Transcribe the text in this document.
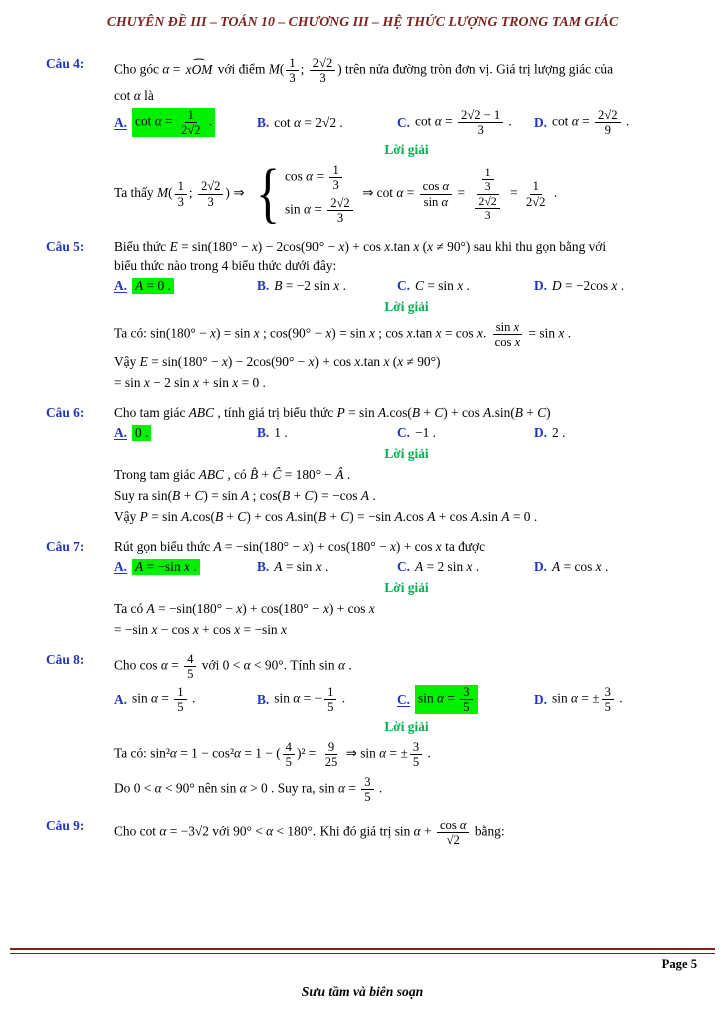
CHUYÊN ĐỀ III – TOÁN 10 – CHƯƠNG III – HỆ THỨC LƯỢNG TRONG TAM GIÁC
Câu 4:	Cho góc α = ⌢ xOM với điểm $M( \frac{1}{3}$ ; $\frac{2√2}{3}$ ) trên nửa đường tròn đơn vị. Giá trị lượng giác của
cot α là
A. $\cot \alpha = \frac{1}{2√2}$ .	B. cot α = 2√2 .	C. $\cot \alpha = \frac{2√2 - 1}{3}$ . D. $\cot \alpha = \frac{2√2}{9}$ .
Lời giải
Ta thấy $M( \frac{1}{3}$ ; $\frac{2√2}{3}$ ) ⇒ { $\cos \alpha = \frac{1}{3}$
$\sin \alpha = \frac{2√2}{3}$
⇒ $\cot \alpha = \frac{\text{cos α}}{\text{sin α}} = \frac{\frac{1}{3}}{\frac{2√2}{3}} = \frac{1}{2√2}$ .
Câu 5:	Biểu thức E = sin(180° − x) − 2cos(90° − x) + cos x.tan x (x ≠ 90°) sau khi thu gọn bằng với
biểu thức nào trong 4 biểu thức dưới đây:
A. A = 0 .	B. B = −2 sin x .	C. C = sin x .	D. D = −2cos x .
Lời giải
Ta có: sin(180° − x) = sin x ; cos(90° − x) = sin x ; cos x.tan x = cos x. $\frac{\text{sin x}}{\text{cos x}} = \sin x$ .
Vậy E = sin(180° − x) − 2cos(90° − x) + cos x.tan x (x ≠ 90°)
= sin x − 2 sin x + sin x = 0 .
Câu 6:	Cho tam giác ABC , tính giá trị biểu thức P = sin A.cos(B + C) + cos A.sin(B + C)
A. 0 .	B. 1 .	C. −1 .	D. 2 .
Lời giải
Trong tam giác ABC , có B̂ + Ĉ = 180° − Â .
Suy ra sin(B + C) = sin A ; cos(B + C) = −cos A .
Vậy P = sin A.cos(B + C) + cos A.sin(B + C) = −sin A.cos A + cos A.sin A = 0 .
Câu 7:	Rút gọn biểu thức A = −sin(180° − x) + cos(180° − x) + cos x ta được
A. A = −sin x .	B. A = sin x .	C. A = 2 sin x .	D. A = cos x .
Lời giải
Ta có A = −sin(180° − x) + cos(180° − x) + cos x
= −sin x − cos x + cos x = −sin x
Câu 8:	Cho $\cos \alpha = \frac{4}{5}$ với 0 < α < 90°. Tính sin α .
A. $\sin \alpha = \frac{1}{5}$ .	B. sin α = − $\frac{1}{5}$ .	C. $\sin \alpha = \frac{3}{5}$	D. sin α = ± $\frac{3}{5}$ .
Lời giải
Ta có: sin²α = 1 − cos²α = 1 − ( $\frac{4}{5} )^2 = \frac{9}{25}$ ⇒ sin α = ± $\frac{3}{5}$ .
Do 0 < α < 90° nên sin α > 0 . Suy ra, $\sin \alpha = \frac{3}{5}$ .
Câu 9:	Cho cot α = −3√2 với 90° < α < 180°. Khi đó giá trị $\sin \alpha + \frac{\text{cos α}}{√2}$ bằng:
Page 5
Sưu tầm và biên soạn
